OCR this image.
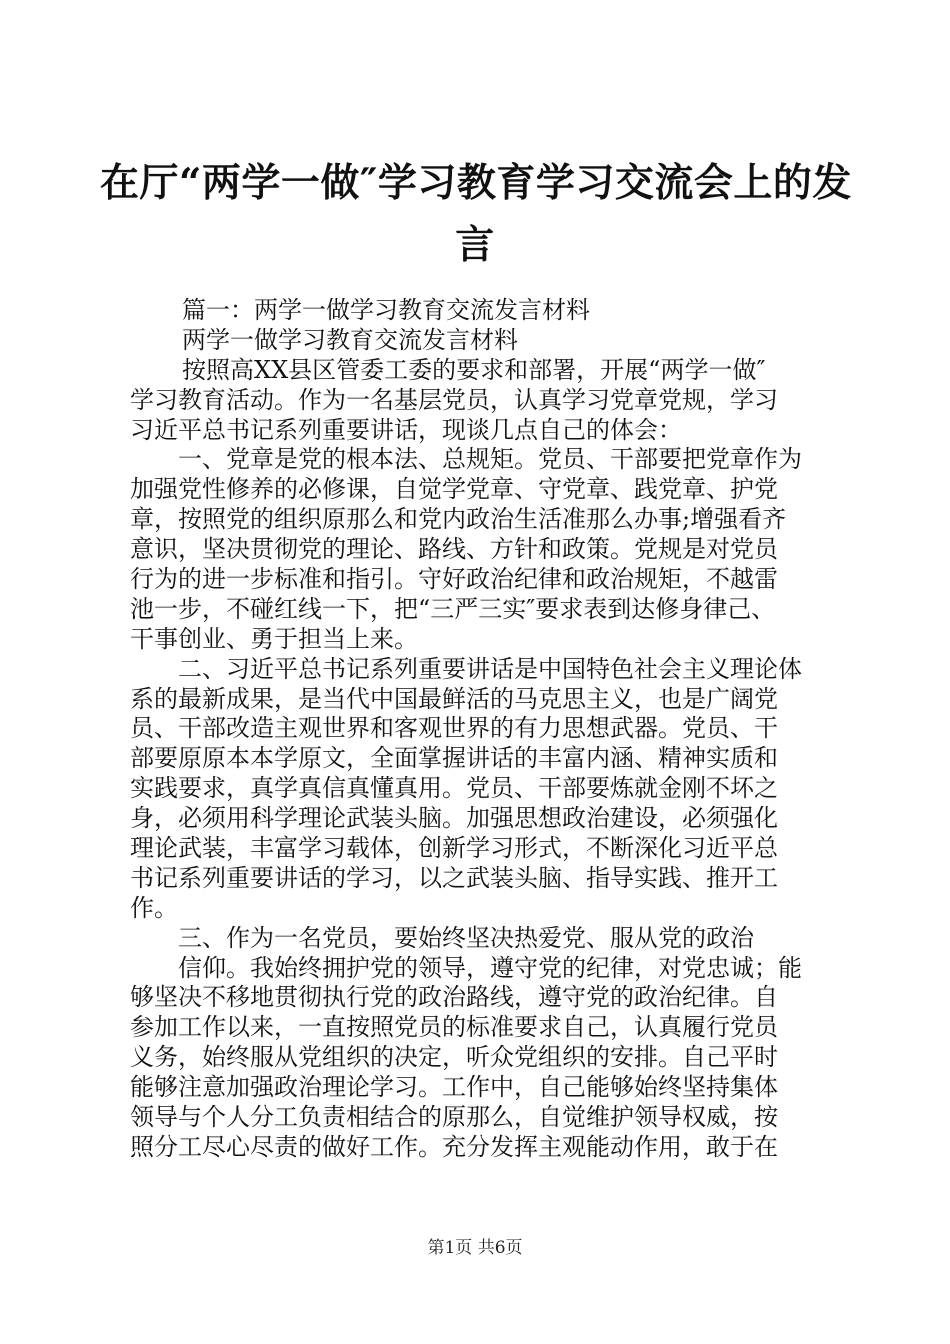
在厅“两学一做″学习教育学习交流会上的发
言
篇一：两学一做学习教育交流发言材料
两学一做学习教育交流发言材料
按照高XX县区管委工委的要求和部署，开展“两学一做″
学习教育活动。作为一名基层党员，认真学习党章党规，学习
习近平总书记系列重要讲话，现谈几点自己的体会：
一、党章是党的根本法、总规矩。党员、干部要把党章作为
加强党性修养的必修课，自觉学党章、守党章、践党章、护党
章，按照党的组织原那么和党内政治生活准那么办事;增强看齐
意识，坚决贯彻党的理论、路线、方针和政策。党规是对党员
行为的进一步标准和指引。守好政治纪律和政治规矩，不越雷
池一步，不碰红线一下，把“三严三实″要求表到达修身律己、
干事创业、勇于担当上来。
二、习近平总书记系列重要讲话是中国特色社会主义理论体
系的最新成果，是当代中国最鲜活的马克思主义，也是广阔党
员、干部改造主观世界和客观世界的有力思想武器。党员、干
部要原原本本学原文，全面掌握讲话的丰富内涵、精神实质和
实践要求，真学真信真懂真用。党员、干部要炼就金刚不坏之
身，必须用科学理论武装头脑。加强思想政治建设，必须强化
理论武装，丰富学习载体，创新学习形式，不断深化习近平总
书记系列重要讲话的学习，以之武装头脑、指导实践、推开工
作。
三、作为一名党员，要始终坚决热爱党、服从党的政治
信仰。我始终拥护党的领导，遵守党的纪律，对党忠诚；能
够坚决不移地贯彻执行党的政治路线，遵守党的政治纪律。自
参加工作以来，一直按照党员的标准要求自己，认真履行党员
义务，始终服从党组织的决定，听众党组织的安排。自己平时
能够注意加强政治理论学习。工作中，自己能够始终坚持集体
领导与个人分工负责相结合的原那么，自觉维护领导权威，按
照分工尽心尽责的做好工作。充分发挥主观能动作用，敢于在
第1页 共6页
